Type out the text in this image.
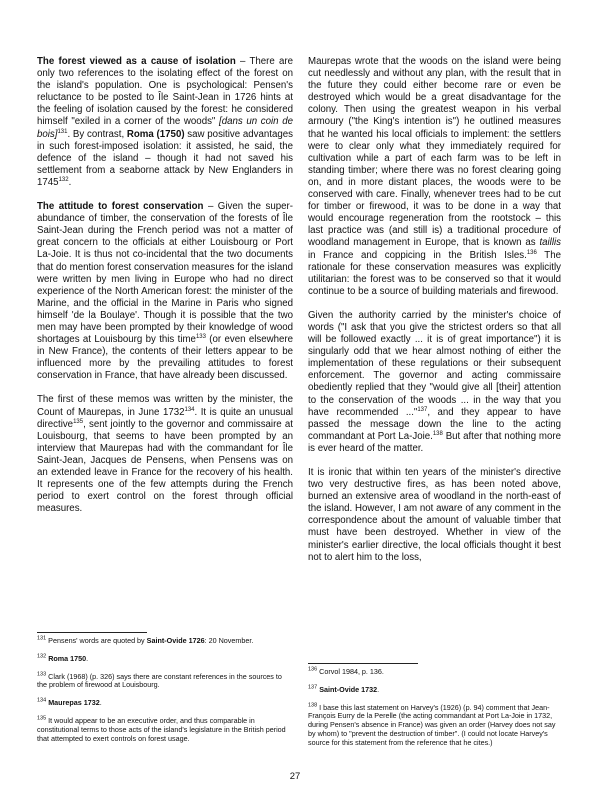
The forest viewed as a cause of isolation – There are only two references to the isolating effect of the forest on the island's population. One is psychological: Pensen's reluctance to be posted to Île Saint-Jean in 1726 hints at the feeling of isolation caused by the forest: he considered himself "exiled in a corner of the woods" [dans un coin de bois]$^{131}$. By contrast, Roma (1750) saw positive advantages in such forest-imposed isolation: it assisted, he said, the defence of the island – though it had not saved his settlement from a seaborne attack by New Englanders in 1745$^{132}$.

The attitude to forest conservation – Given the super-abundance of timber, the conservation of the forests of Île Saint-Jean during the French period was not a matter of great concern to the officials at either Louisbourg or Port La-Joie. It is thus not co-incidental that the two documents that do mention forest conservation measures for the island were written by men living in Europe who had no direct experience of the North American forest: the minister of the Marine, and the official in the Marine in Paris who signed himself 'de la Boulaye'. Though it is possible that the two men may have been prompted by their knowledge of wood shortages at Louisbourg by this time$^{133}$ (or even elsewhere in New France), the contents of their letters appear to be influenced more by the prevailing attitudes to forest conservation in France, that have already been discussed.

The first of these memos was written by the minister, the Count of Maurepas, in June 1732$^{134}$. It is quite an unusual directive$^{135}$, sent jointly to the governor and commissaire at Louisbourg, that seems to have been prompted by an interview that Maurepas had with the commandant for Île Saint-Jean, Jacques de Pensens, when Pensens was on an extended leave in France for the recovery of his health. It represents one of the few attempts during the French period to exert control on the forest through official measures.

Maurepas wrote that the woods on the island were being cut needlessly and without any plan, with the result that in the future they could either become rare or even be destroyed which would be a great disadvantage for the colony. Then using the greatest weapon in his verbal armoury ("the King's intention is") he outlined measures that he wanted his local officials to implement: the settlers were to clear only what they immediately required for cultivation while a part of each farm was to be left in standing timber; where there was no forest clearing going on, and in more distant places, the woods were to be conserved with care. Finally, whenever trees had to be cut for timber or firewood, it was to be done in a way that would encourage regeneration from the rootstock – this last practice was (and still is) a traditional procedure of woodland management in Europe, that is known as taillis in France and coppicing in the British Isles.$^{136}$ The rationale for these conservation measures was explicitly utilitarian: the forest was to be conserved so that it would continue to be a source of building materials and firewood.

Given the authority carried by the minister's choice of words ("I ask that you give the strictest orders so that all will be followed exactly ... it is of great importance") it is singularly odd that we hear almost nothing of either the implementation of these regulations or their subsequent enforcement. The governor and acting commissaire obediently replied that they "would give all [their] attention to the conservation of the woods ... in the way that you have recommended ..."$^{137}$, and they appear to have passed the message down the line to the acting commandant at Port La-Joie.$^{138}$ But after that nothing more is ever heard of the matter.

It is ironic that within ten years of the minister's directive two very destructive fires, as has been noted above, burned an extensive area of woodland in the north-east of the island. However, I am not aware of any comment in the correspondence about the amount of valuable timber that must have been destroyed. Whether in view of the minister's earlier directive, the local officials thought it best not to alert him to the loss,

$^{131}$ Pensens' words are quoted by Saint-Ovide 1726: 20 November.

$^{132}$ Roma 1750.

$^{133}$ Clark (1968) (p. 326) says there are constant references in the sources to the problem of firewood at Louisbourg.

$^{134}$ Maurepas 1732.

$^{135}$ It would appear to be an executive order, and thus comparable in constitutional terms to those acts of the island's legislature in the British period that attempted to exert controls on forest usage.

$^{136}$ Corvol 1984, p. 136.

$^{137}$ Saint-Ovide 1732.

$^{138}$ I base this last statement on Harvey's (1926) (p. 94) comment that Jean-François Eurry de la Perelle (the acting commandant at Port La-Joie in 1732, during Pensen's absence in France) was given an order (Harvey does not say by whom) to "prevent the destruction of timber". (I could not locate Harvey's source for this statement from the reference that he cites.)

27
